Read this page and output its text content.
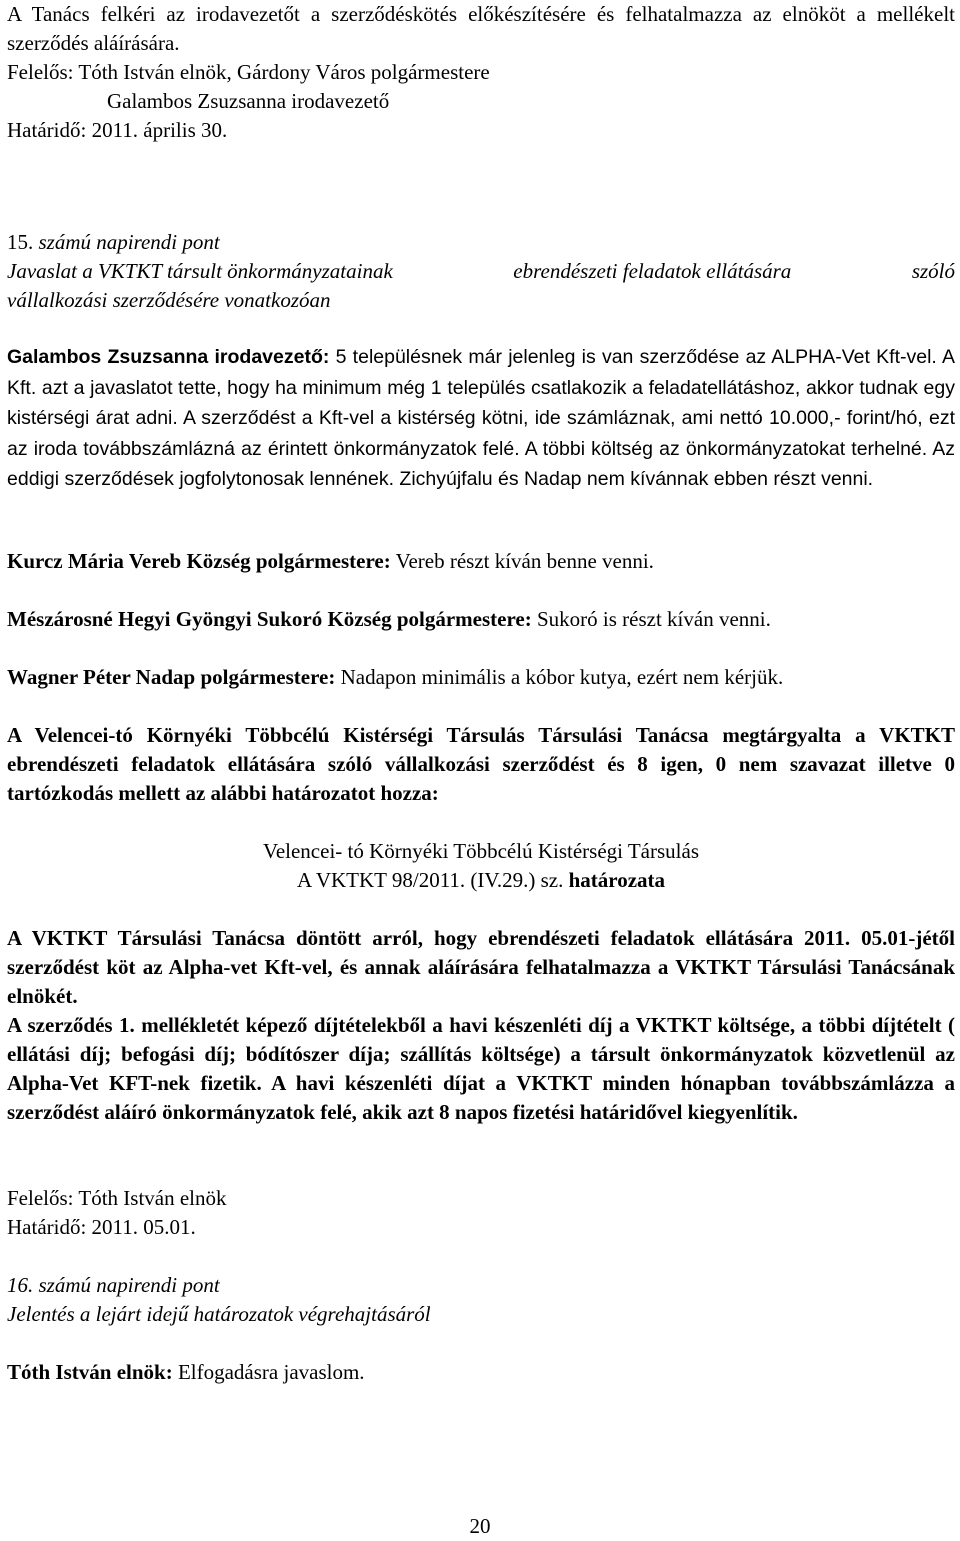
A Tanács felkéri az irodavezetőt a szerződéskötés előkészítésére és felhatalmazza az elnököt a mellékelt szerződés aláírására.

Felelős: Tóth István elnök, Gárdony Város polgármestere
Galambos Zsuzsanna irodavezető
Határidő: 2011. április 30.
15. számú napirendi pont
Javaslat a VKTKT társult önkormányzatainak	ebrendészeti feladatok ellátására	szóló
vállalkozási szerződésére vonatkozóan

Galambos Zsuzsanna irodavezető: 5 településnek már jelenleg is van szerződése az ALPHA-Vet Kft-vel. A Kft. azt a javaslatot tette, hogy ha minimum még 1 település csatlakozik a feladatellátáshoz, akkor tudnak egy kistérségi árat adni. A szerződést a Kft-vel a kistérség kötni, ide számláznak, ami nettó 10.000,- forint/hó, ezt az iroda továbbszámlázná az érintett önkormányzatok felé. A többi költség az önkormányzatokat terhelné. Az eddigi szerződések jogfolytonosak lennének. Zichyújfalu és Nadap nem kívánnak ebben részt venni.

Kurcz Mária Vereb Község polgármestere: Vereb részt kíván benne venni.

Mészárosné Hegyi Gyöngyi Sukoró Község polgármestere: Sukoró is részt kíván venni.

Wagner Péter Nadap polgármestere: Nadapon minimális a kóbor kutya, ezért nem kérjük.

A Velencei-tó Környéki Többcélú Kistérségi Társulás Társulási Tanácsa megtárgyalta a VKTKT ebrendészeti feladatok ellátására szóló vállalkozási szerződést és 8 igen, 0 nem szavazat illetve 0 tartózkodás mellett az alábbi határozatot hozza:

Velencei- tó Környéki Többcélú Kistérségi Társulás
A VKTKT 98/2011. (IV.29.) sz. határozata

A VKTKT Társulási Tanácsa döntött arról, hogy ebrendészeti feladatok ellátására 2011. 05.01-jétől szerződést köt az Alpha-vet Kft-vel, és annak aláírására felhatalmazza a VKTKT Társulási Tanácsának elnökét.

A szerződés 1. mellékletét képező díjtételekből a havi készenléti díj a VKTKT költsége, a többi díjtételt ( ellátási díj; befogási díj; bódítószer díja; szállítás költsége) a társult önkormányzatok közvetlenül az Alpha-Vet KFT-nek fizetik. A havi készenléti díjat a VKTKT minden hónapban továbbszámlázza a szerződést aláíró önkormányzatok felé, akik azt 8 napos fizetési határidővel kiegyenlítik.

Felelős: Tóth István elnök
Határidő: 2011. 05.01.
16. számú napirendi pont
Jelentés a lejárt idejű határozatok végrehajtásáról

Tóth István elnök: Elfogadásra javaslom.

20
